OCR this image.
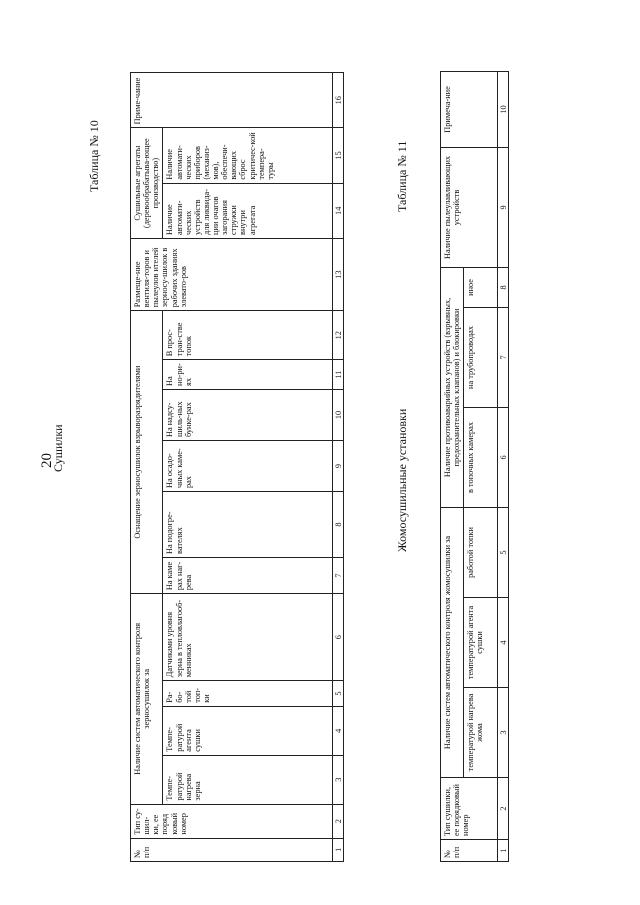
20
Сушилки
Таблица № 10
№ п/п	Тип су-шил-ки, ее поряд ковый номер	Наличие систем автоматического контроля зерносушилок за				Оснащение зерносушилок взрыворазрядителями						Размеще-ние вентиля-торов и пылеулов ителей зерносу-шилок в рабочих зданиях элевато-ров	Сушильные агрегаты (деревообрабатыва-ющее производство)		Приме-чание
		Темпе-ратурой нагрева зерна	Темпе-ратурой агента сушки	Ра-бо-той топ-ки	Датчиками уровня зерна в тепловлагооб-менниках	На каме рах наг-рева	На подогре-вателях	На осадо-чных каме-рах	На надсу-шиль-ных бунке-рах	На но-ри-ях	В прос-тран-стве топок		Наличие автомати-ческих устройств для ликвида-ции очагов загорания стружки внутри агрегата	Наличие автомати-ческих приборов (механиз-мов), обеспечи-вающих сброс критичес-кой темпера-туры	
1	2	3	4	5	6	7	8	9	10	11	12	13	14	15	16
Жомосушильные установки
Таблица № 11
№ п/п	Тип сушилки, ее порядковый номер	Наличие систем автоматического контроля жомосушилки за			Наличие противоаварийных устройств (взрывных, предохранительных клапанов) и блокировки			Наличие пылеулавливающих устройств	Примеча-ние
		температурой нагрева жома	температурой агента сушки	работой топки	в топочных камерах	на трубопроводах	иное		
1	2	3	4	5	6	7	8	9	10
